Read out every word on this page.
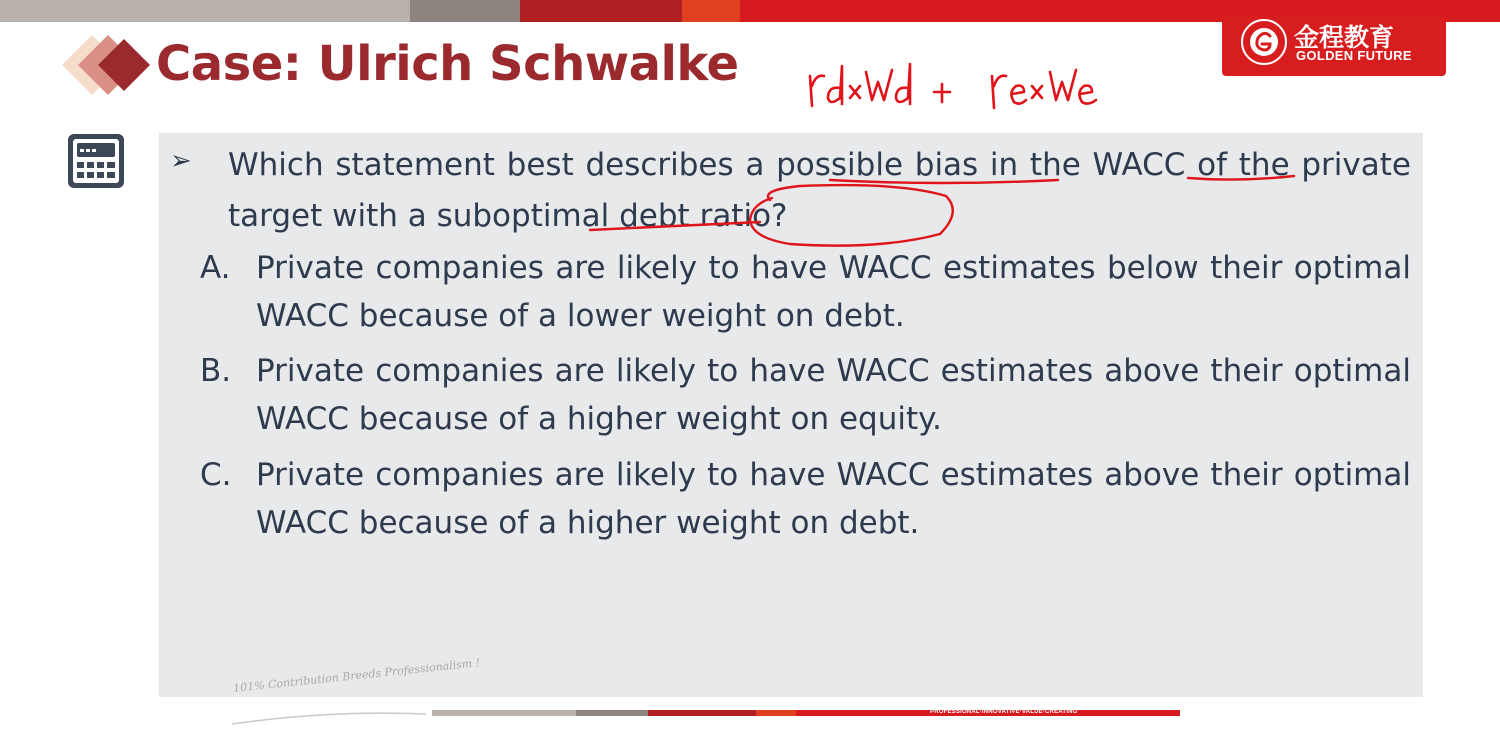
Case: Ulrich Schwalke	金程教育
GOLDEN FUTURE
➢ Which statement best describes a possible bias in the WACC of the private target with a suboptimal debt ratio?
A. Private companies are likely to have WACC estimates below their optimal WACC because of a lower weight on debt.
B. Private companies are likely to have WACC estimates above their optimal WACC because of a higher weight on equity.
C. Private companies are likely to have WACC estimates above their optimal WACC because of a higher weight on debt.
101% Contribution Breeds Professionalism !
PROFESSIONAL·INNOVATIVE·VALUE·CREATING
